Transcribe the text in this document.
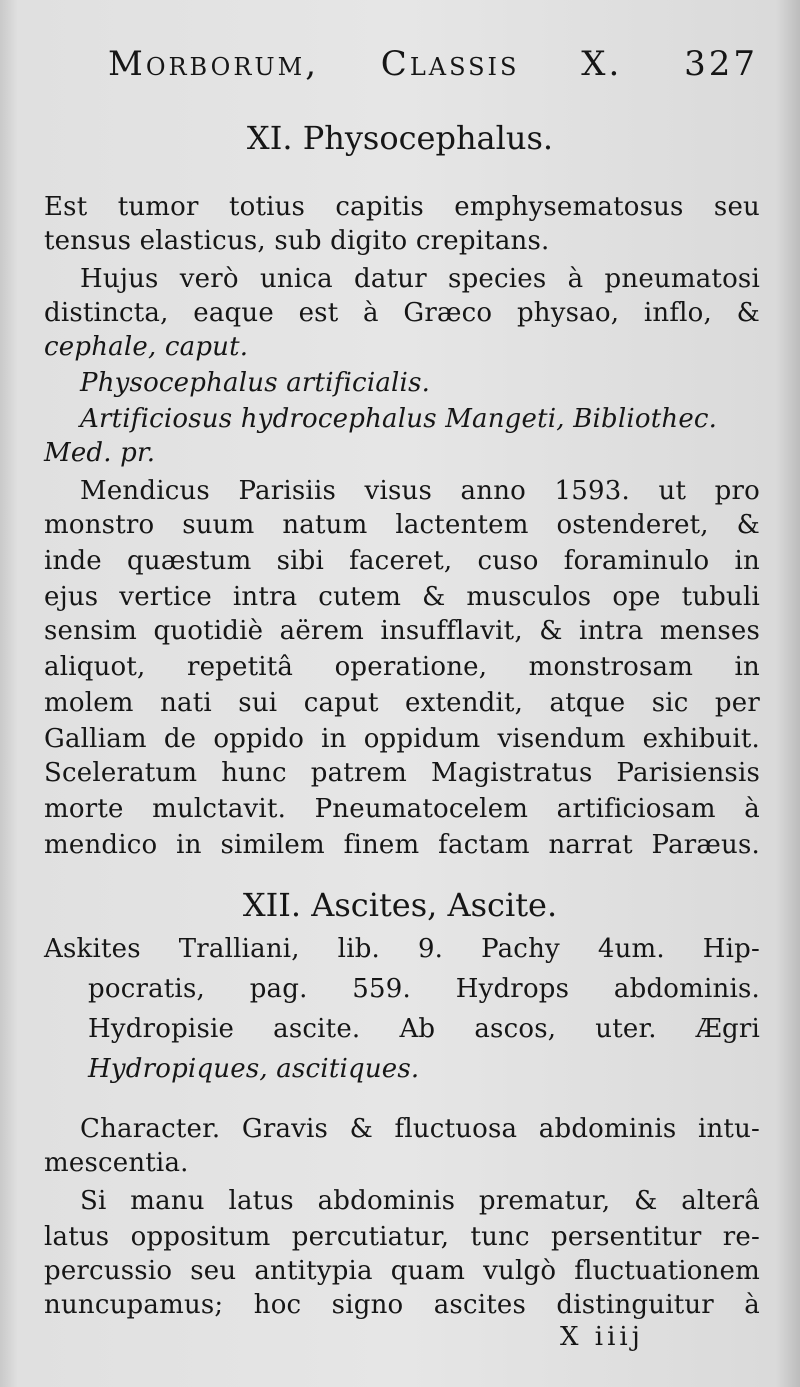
Morborum, Classis X. 327
XI. Physocephalus.
Est tumor totius capitis emphysematosus seu
tensus elasticus, sub digito crepitans.
Hujus verò unica datur species à pneumatosi
distincta, eaque est à Græco physao, inflo, &
cephale, caput.
Physocephalus artificialis.
Artificiosus hydrocephalus Mangeti, Bibliothec.
Med. pr.
Mendicus Parisiis visus anno 1593. ut pro
monstro suum natum lactentem ostenderet, &
inde quæstum sibi faceret, cuso foraminulo in
ejus vertice intra cutem & musculos ope tubuli
sensim quotidiè aërem insufflavit, & intra menses
aliquot, repetitâ operatione, monstrosam in
molem nati sui caput extendit, atque sic per
Galliam de oppido in oppidum visendum exhibuit.
Sceleratum hunc patrem Magistratus Parisiensis
morte mulctavit. Pneumatocelem artificiosam à
mendico in similem finem factam narrat Paræus.
XII. Ascites, Ascite.
Askites Tralliani, lib. 9. Pachy 4um. Hip-
pocratis, pag. 559. Hydrops abdominis.
Hydropisie ascite. Ab ascos, uter. Ægri
Hydropiques, ascitiques.
Character. Gravis & fluctuosa abdominis intu-
mescentia.
Si manu latus abdominis prematur, & alterâ
latus oppositum percutiatur, tunc persentitur re-
percussio seu antitypia quam vulgò fluctuationem
nuncupamus; hoc signo ascites distinguitur à
X iiij
